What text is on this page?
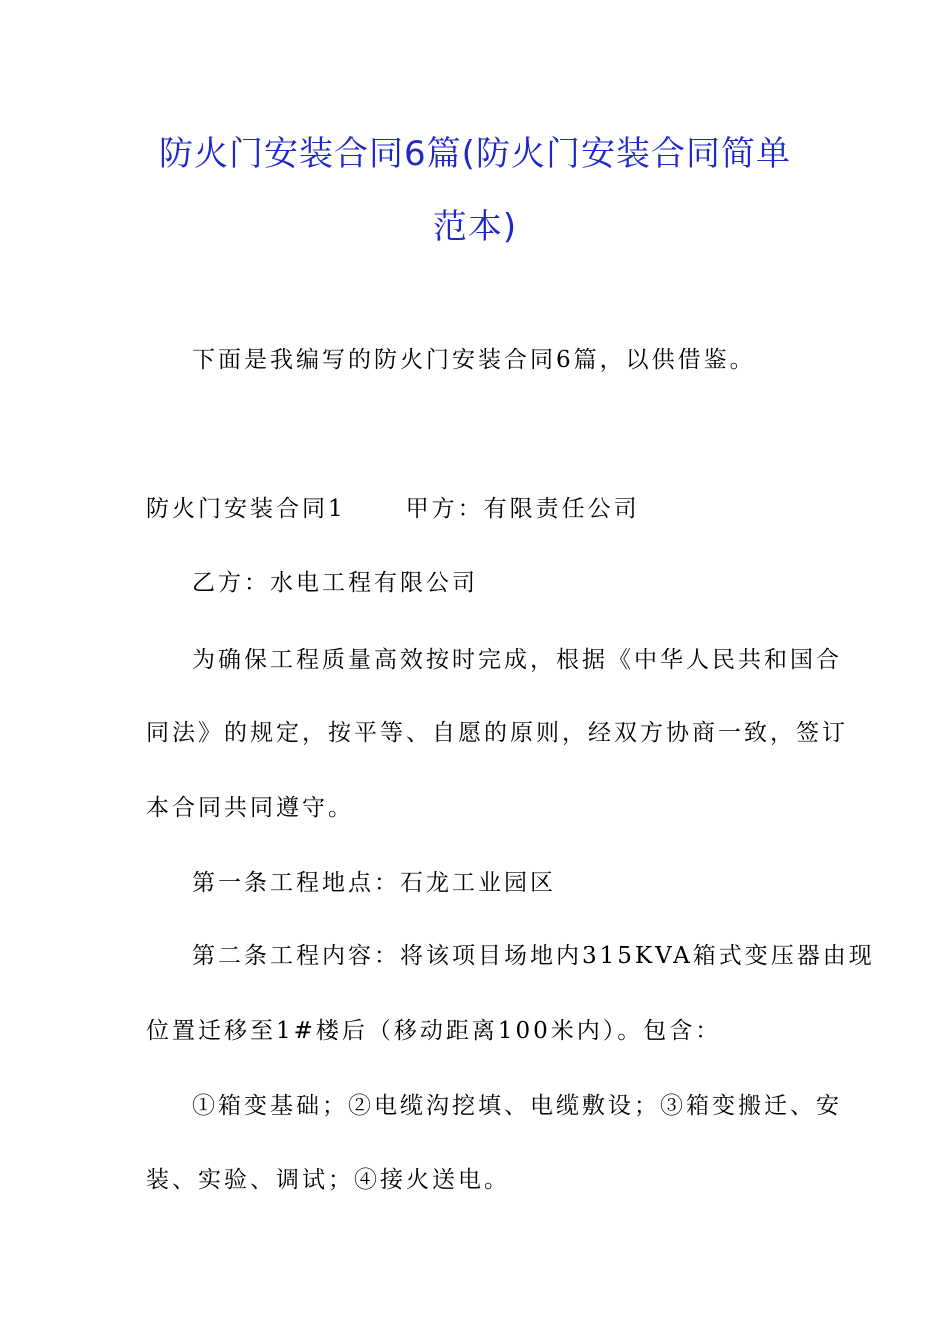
防火门安装合同6篇(防火门安装合同简单
范本)

下面是我编写的防火门安装合同6篇，以供借鉴。

防火门安装合同1	甲方：有限责任公司

乙方：水电工程有限公司

为确保工程质量高效按时完成，根据《中华人民共和国合

同法》的规定，按平等、自愿的原则，经双方协商一致，签订

本合同共同遵守。

第一条工程地点：石龙工业园区

第二条工程内容：将该项目场地内315KVA箱式变压器由现

位置迁移至1#楼后（移动距离100米内）。包含：

①箱变基础；②电缆沟挖填、电缆敷设；③箱变搬迁、安

装、实验、调试；④接火送电。
